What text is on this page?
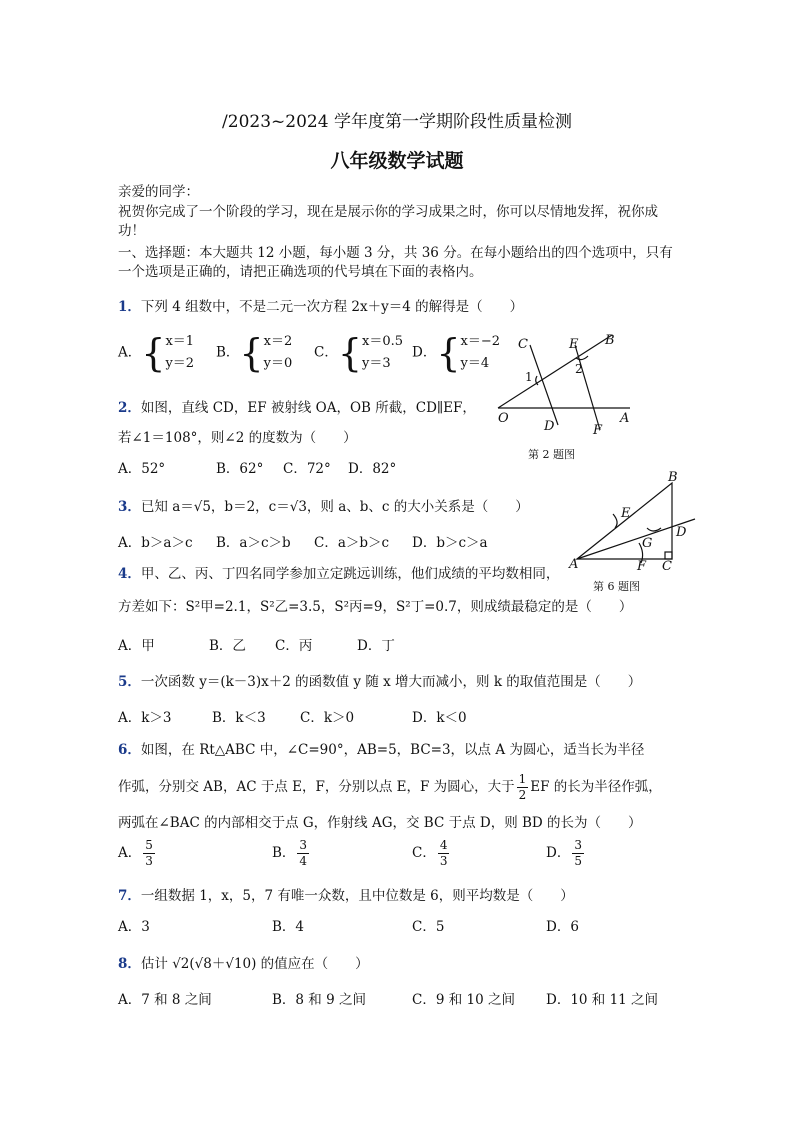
/2023~2024 学年度第一学期阶段性质量检测
八年级数学试题
亲爱的同学：
祝贺你完成了一个阶段的学习，现在是展示你的学习成果之时，你可以尽情地发挥，祝你成功！
一、选择题：本大题共 12 小题，每小题 3 分，共 36 分。在每小题给出的四个选项中，只有一个选项是正确的，请把正确选项的代号填在下面的表格内。
1．下列 4 组数中，不是二元一次方程 2x＋y＝4 的解得是（　　）
A．{x＝1
y＝2
B．{x＝2
y＝0
C．{x＝0.5
y＝3
D．{x＝−2
y＝4
2．如图，直线 CD，EF 被射线 OA，OB 所截，CD∥EF，
若∠1＝108°，则∠2 的度数为（　　）
A．52°	B．62° C．72° D．82°
C	E B
O
D	F
A
1
2
第 2 题图
3．已知 a＝√5，b＝2，c＝√3，则 a、b、c 的大小关系是（　　）
A．b＞a＞c B．a＞c＞b C．a＞b＞c D．b＞c＞a
B
E
G
D
A	F C
第 6 题图
4．甲、乙、丙、丁四名同学参加立定跳远训练，他们成绩的平均数相同，
方差如下：S²甲=2.1，S²乙=3.5，S²丙=9，S²丁=0.7，则成绩最稳定的是（　　）
A．甲	B．乙 C．丙	D．丁
5．一次函数 y＝(k－3)x＋2 的函数值 y 随 x 增大而减小，则 k 的取值范围是（　　）
A．k＞3	B．k＜3	C．k＞0	D．k＜0
6．如图，在 Rt△ABC 中，∠C=90°，AB=5，BC=3，以点 A 为圆心，适当长为半径
作弧，分别交 AB，AC 于点 E，F，分别以点 E，F 为圆心，大于 $\frac{1}{2}$ EF 的长为半径作弧，
两弧在∠BAC 的内部相交于点 G，作射线 AG，交 BC 于点 D，则 BD 的长为（　　）
A． $\frac{5}{3}$	B． $\frac{3}{4}$	C． $\frac{4}{3}$	D． $\frac{3}{5}$
7．一组数据 1，x，5，7 有唯一众数，且中位数是 6，则平均数是（　　）
A．3	B．4	C．5	D．6
8．估计 √2(√8＋√10) 的值应在（　　）
A．7 和 8 之间	B．8 和 9 之间	C．9 和 10 之间 D．10 和 11 之间
